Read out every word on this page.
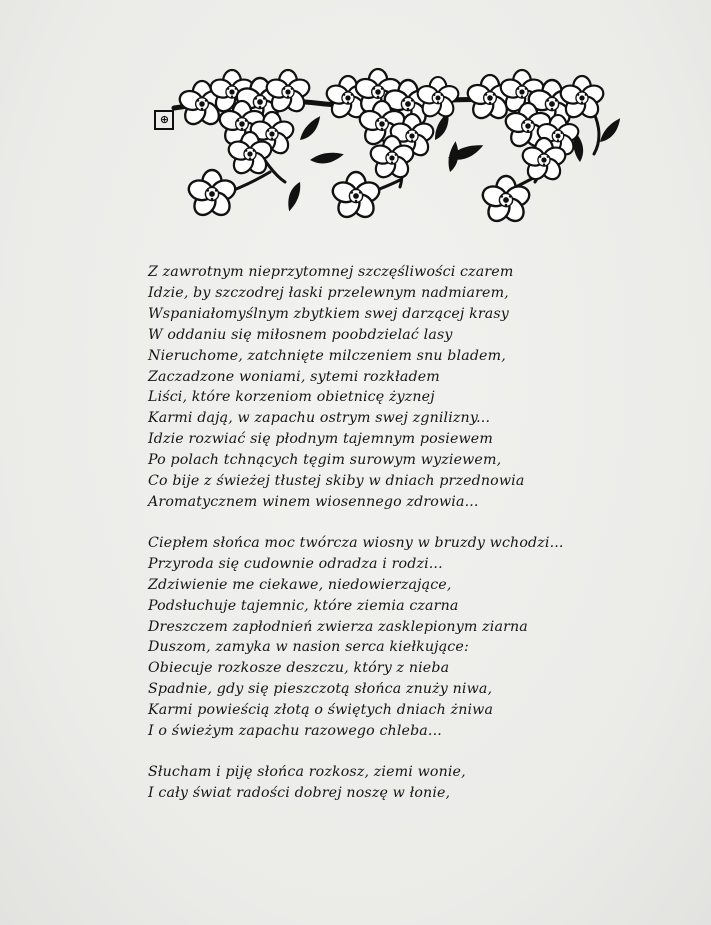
⊕
Z zawrotnym nieprzytomnej szczęśliwości czarem
Idzie, by szczodrej łaski przelewnym nadmiarem,
Wspaniałomyślnym zbytkiem swej darzącej krasy
W oddaniu się miłosnem poobdzielać lasy
Nieruchome, zatchnięte milczeniem snu bladem,
Zaczadzone woniami, sytemi rozkładem
Liści, które korzeniom obietnicę żyznej
Karmi dają, w zapachu ostrym swej zgnilizny...
Idzie rozwiać się płodnym tajemnym posiewem
Po polach tchnących tęgim surowym wyziewem,
Co bije z świeżej tłustej skiby w dniach przednowia
Aromatycznem winem wiosennego zdrowia...
Ciepłem słońca moc twórcza wiosny w bruzdy wchodzi...
Przyroda się cudownie odradza i rodzi...
Zdziwienie me ciekawe, niedowierzające,
Podsłuchuje tajemnic, które ziemia czarna
Dreszczem zapłodnień zwierza zasklepionym ziarna
Duszom, zamyka w nasion serca kiełkujące:
Obiecuje rozkosze deszczu, który z nieba
Spadnie, gdy się pieszczotą słońca znuży niwa,
Karmi powieścią złotą o świętych dniach żniwa
I o świeżym zapachu razowego chleba...
Słucham i piję słońca rozkosz, ziemi wonie,
I cały świat radości dobrej noszę w łonie,
